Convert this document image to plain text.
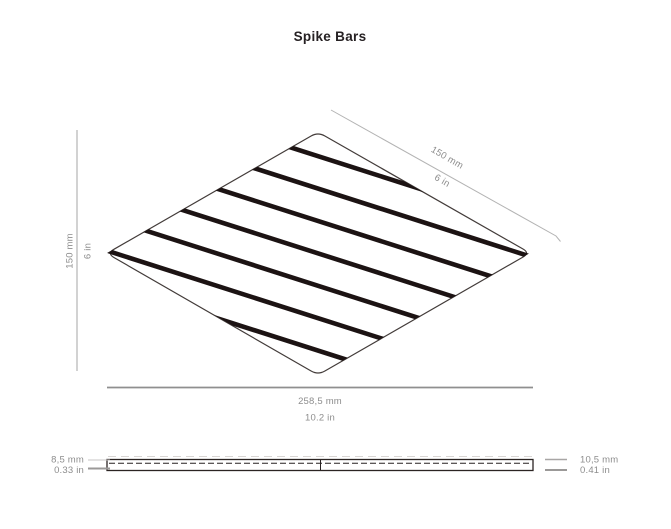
Spike Bars
150 mm 6 in
150 mm
6 in
258,5 mm
10.2 in
8,5 mm
0.33 in
10,5 mm
0.41 in
